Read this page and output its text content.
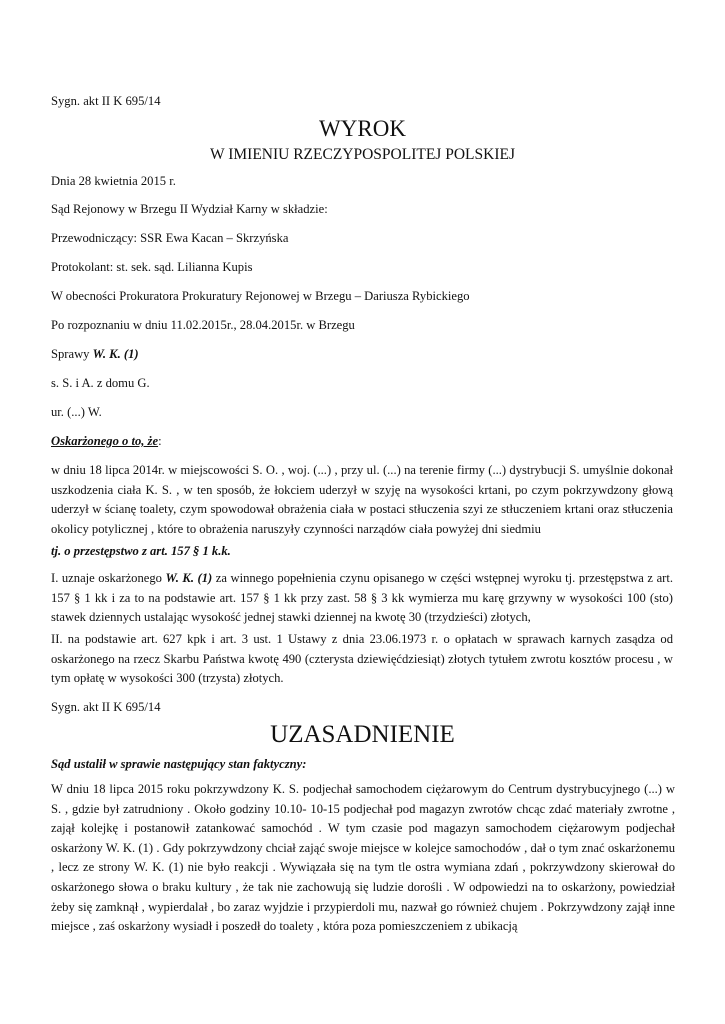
Sygn. akt II K 695/14
WYROK
W IMIENIU RZECZYPOSPOLITEJ POLSKIEJ
Dnia 28 kwietnia 2015 r.
Sąd Rejonowy w Brzegu II Wydział Karny w składzie:
Przewodniczący: SSR Ewa Kacan – Skrzyńska
Protokolant: st. sek. sąd. Lilianna Kupis
W obecności Prokuratora Prokuratury Rejonowej w Brzegu – Dariusza Rybickiego
Po rozpoznaniu w dniu 11.02.2015r., 28.04.2015r. w Brzegu
Sprawy W. K. (1)
s. S. i A. z domu G.
ur. (...) W.
Oskarżonego o to, że:
w dniu 18 lipca 2014r. w miejscowości S. O. , woj. (...) , przy ul. (...) na terenie firmy (...) dystrybucji S. umyślnie dokonał uszkodzenia ciała K. S. , w ten sposób, że łokciem uderzył w szyję na wysokości krtani, po czym pokrzywdzony głową uderzył w ścianę toalety, czym spowodował obrażenia ciała w postaci stłuczenia szyi ze stłuczeniem krtani oraz stłuczenia okolicy potylicznej , które to obrażenia naruszyły czynności narządów ciała powyżej dni siedmiu
tj. o przestępstwo z art. 157 § 1 k.k.
I. uznaje oskarżonego W. K. (1) za winnego popełnienia czynu opisanego w części wstępnej wyroku tj. przestępstwa z art. 157 § 1 kk i za to na podstawie art. 157 § 1 kk przy zast. 58 § 3 kk wymierza mu karę grzywny w wysokości 100 (sto) stawek dziennych ustalając wysokość jednej stawki dziennej na kwotę 30 (trzydzieści) złotych,
II. na podstawie art. 627 kpk i art. 3 ust. 1 Ustawy z dnia 23.06.1973 r. o opłatach w sprawach karnych zasądza od oskarżonego na rzecz Skarbu Państwa kwotę 490 (czterysta dziewięćdziesiąt) złotych tytułem zwrotu kosztów procesu , w tym opłatę w wysokości 300 (trzysta) złotych.
Sygn. akt II K 695/14
UZASADNIENIE
Sąd ustalił w sprawie następujący stan faktyczny:
W dniu 18 lipca 2015 roku pokrzywdzony K. S. podjechał samochodem ciężarowym do Centrum dystrybucyjnego (...) w S. , gdzie był zatrudniony . Około godziny 10.10- 10-15 podjechał pod magazyn zwrotów chcąc zdać materiały zwrotne , zajął kolejkę i postanowił zatankować samochód . W tym czasie pod magazyn samochodem ciężarowym podjechał oskarżony W. K. (1) . Gdy pokrzywdzony chciał zająć swoje miejsce w kolejce samochodów , dał o tym znać oskarżonemu , lecz ze strony W. K. (1) nie było reakcji . Wywiązała się na tym tle ostra wymiana zdań , pokrzywdzony skierował do oskarżonego słowa o braku kultury , że tak nie zachowują się ludzie dorośli . W odpowiedzi na to oskarżony, powiedział żeby się zamknął , wypierdalał , bo zaraz wyjdzie i przypierdoli mu, nazwał go również chujem . Pokrzywdzony zajął inne miejsce , zaś oskarżony wysiadł i poszedł do toalety , która poza pomieszczeniem z ubikacją
